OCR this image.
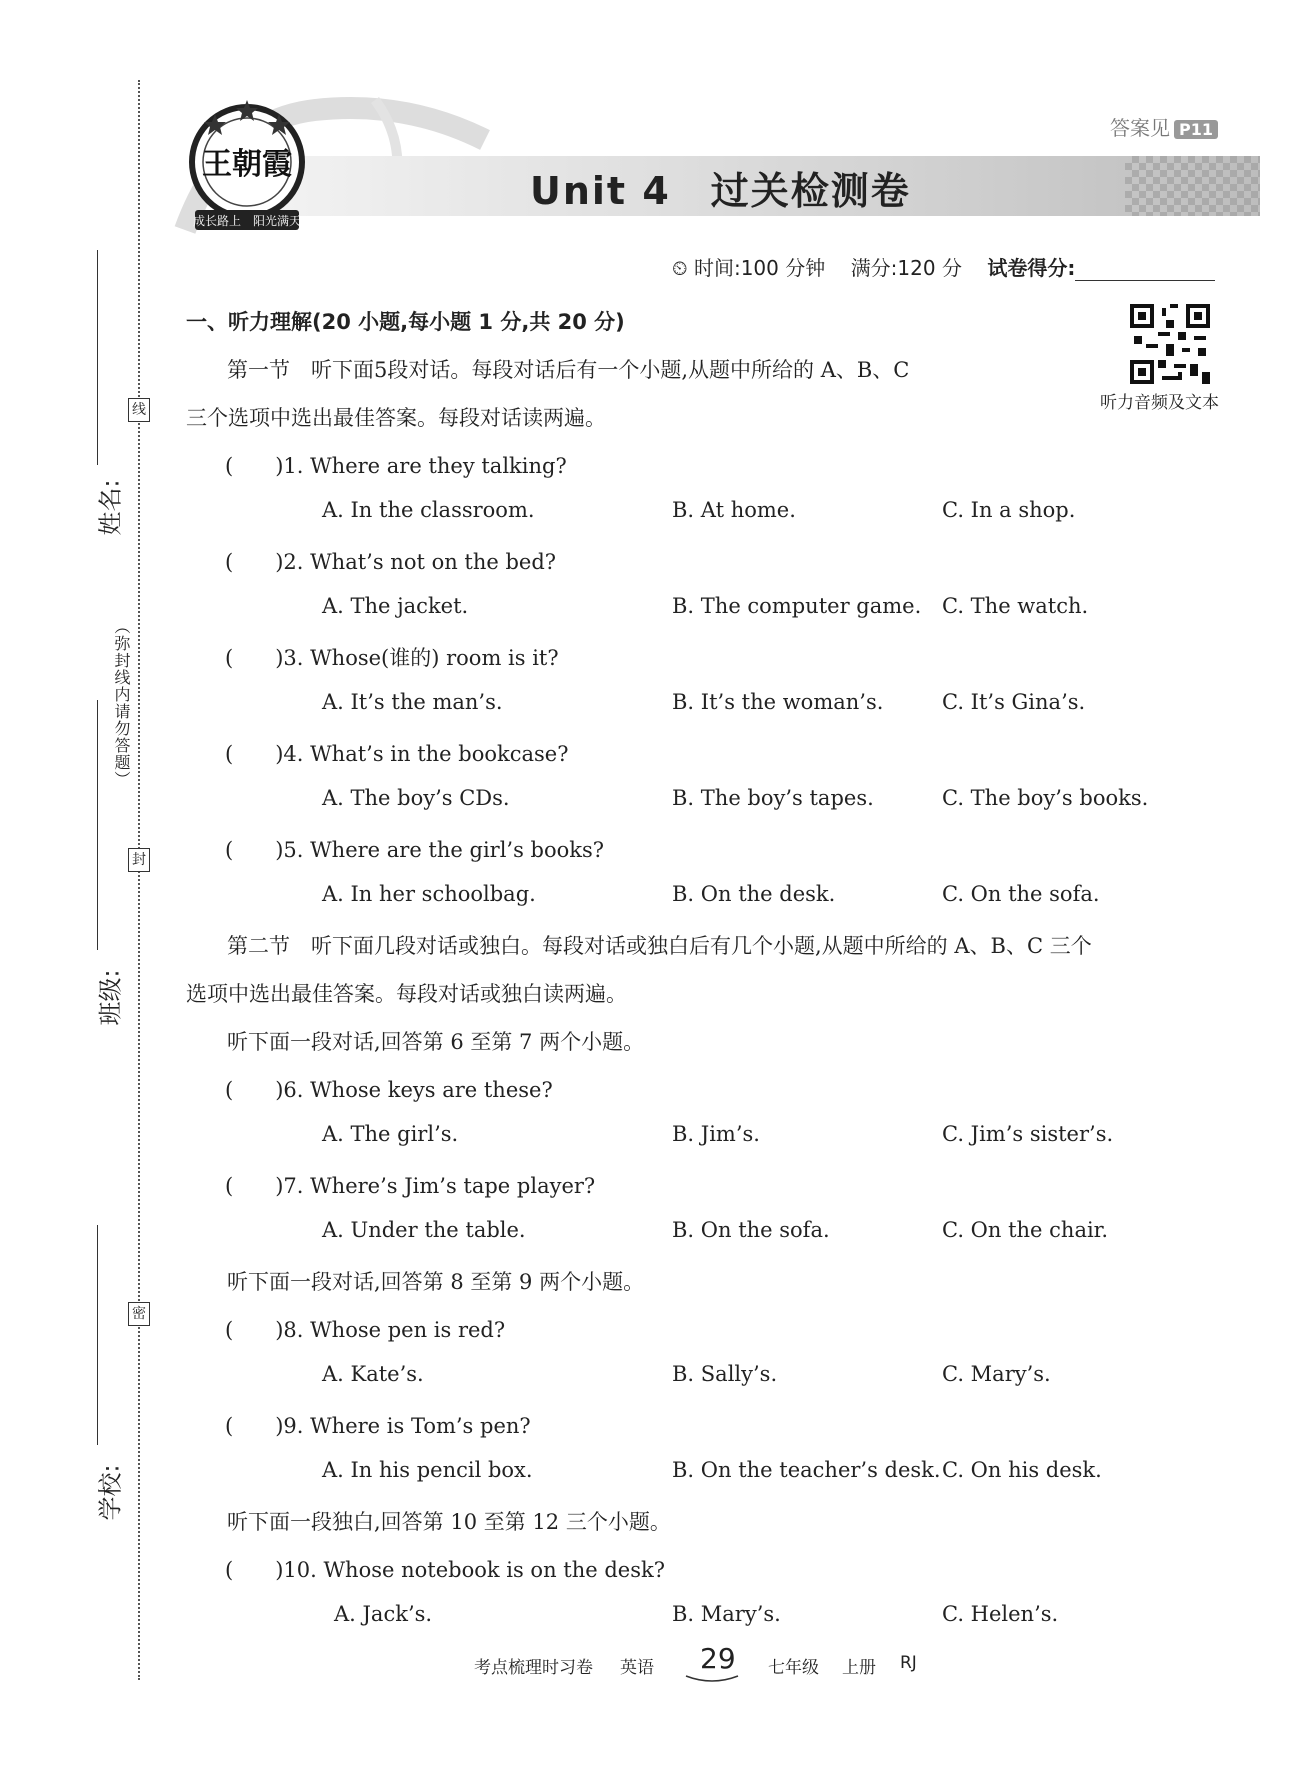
姓名:
班级:
学校:
线
封
密
（弥封线内请勿答题）
王朝霞
成长路上　阳光满天
答案见 P11
Unit 4　过关检测卷
⏲ 时间:100 分钟 满分:120 分 试卷得分:
听力音频及文本
一、听力理解(20 小题,每小题 1 分,共 20 分)
第一节　听下面5段对话。每段对话后有一个小题,从题中所给的 A、B、C
三个选项中选出最佳答案。每段对话读两遍。
(　　)1. Where are they talking?
A. In the classroom.	B. At home.	C. In a shop.
(　　)2. What’s not on the bed?
A. The jacket.	B. The computer game. C. The watch.
(　　)3. Whose(谁的) room is it?
A. It’s the man’s.	B. It’s the woman’s.	C. It’s Gina’s.
(　　)4. What’s in the bookcase?
A. The boy’s CDs.	B. The boy’s tapes.	C. The boy’s books.
(　　)5. Where are the girl’s books?
A. In her schoolbag.	B. On the desk.	C. On the sofa.
第二节　听下面几段对话或独白。每段对话或独白后有几个小题,从题中所给的 A、B、C 三个
选项中选出最佳答案。每段对话或独白读两遍。
听下面一段对话,回答第 6 至第 7 两个小题。
(　　)6. Whose keys are these?
A. The girl’s.	B. Jim’s.	C. Jim’s sister’s.
(　　)7. Where’s Jim’s tape player?
A. Under the table.	B. On the sofa.	C. On the chair.
听下面一段对话,回答第 8 至第 9 两个小题。
(　　)8. Whose pen is red?
A. Kate’s.	B. Sally’s.	C. Mary’s.
(　　)9. Where is Tom’s pen?
A. In his pencil box.	B. On the teacher’s desk. C. On his desk.
听下面一段独白,回答第 10 至第 12 三个小题。
(　　)10. Whose notebook is on the desk?
A. Jack’s.	B. Mary’s.	C. Helen’s.
考点梳理时习卷 英语 29 七年级 上册 RJ
